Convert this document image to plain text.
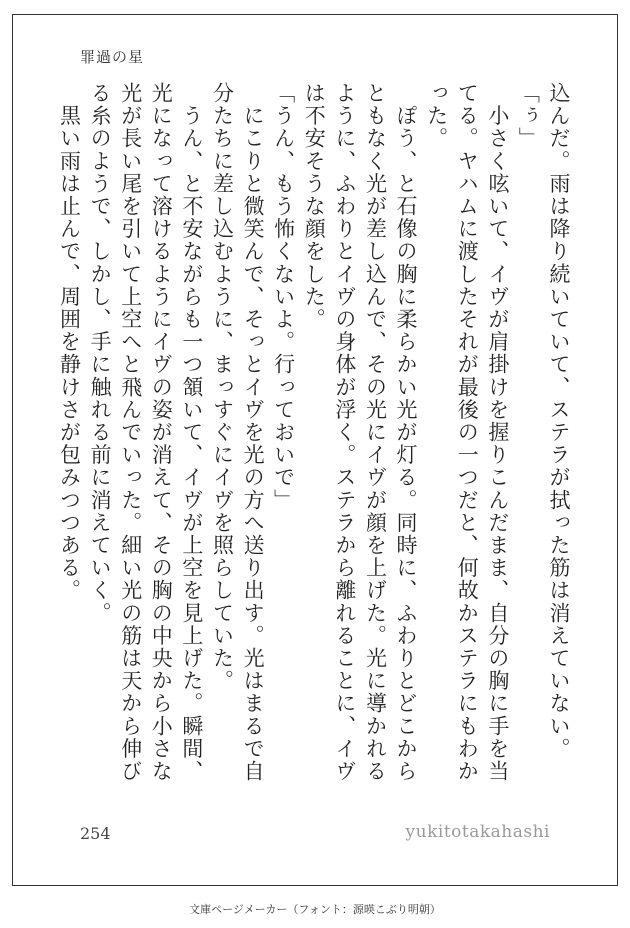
罪過の星

込んだ。雨は降り続いていて、ステラが拭った筋は消えていない。

「ぅ」

　小さく呟いて、イヴが肩掛けを握りこんだまま、自分の胸に手を当てる。ヤハムに渡したそれが最後の一つだと、何故かステラにもわかった。

　ぽう、と石像の胸に柔らかい光が灯る。同時に、ふわりとどこからともなく光が差し込んで、その光にイヴが顔を上げた。光に導かれるように、ふわりとイヴの身体が浮く。ステラから離れることに、イヴは不安そうな顔をした。

「うん、もう怖くないよ。行っておいで」

　にこりと微笑んで、そっとイヴを光の方へ送り出す。光はまるで自分たちに差し込むように、まっすぐにイヴを照らしていた。

　うん、と不安ながらも一つ頷いて、イヴが上空を見上げた。瞬間、光になって溶けるようにイヴの姿が消えて、その胸の中央から小さな光が長い尾を引いて上空へと飛んでいった。細い光の筋は天から伸びる糸のようで、しかし、手に触れる前に消えていく。

　黒い雨は止んで、周囲を静けさが包みつつある。

254	yukitotakahashi
文庫ページメーカー（フォント：源暎こぶり明朝）
